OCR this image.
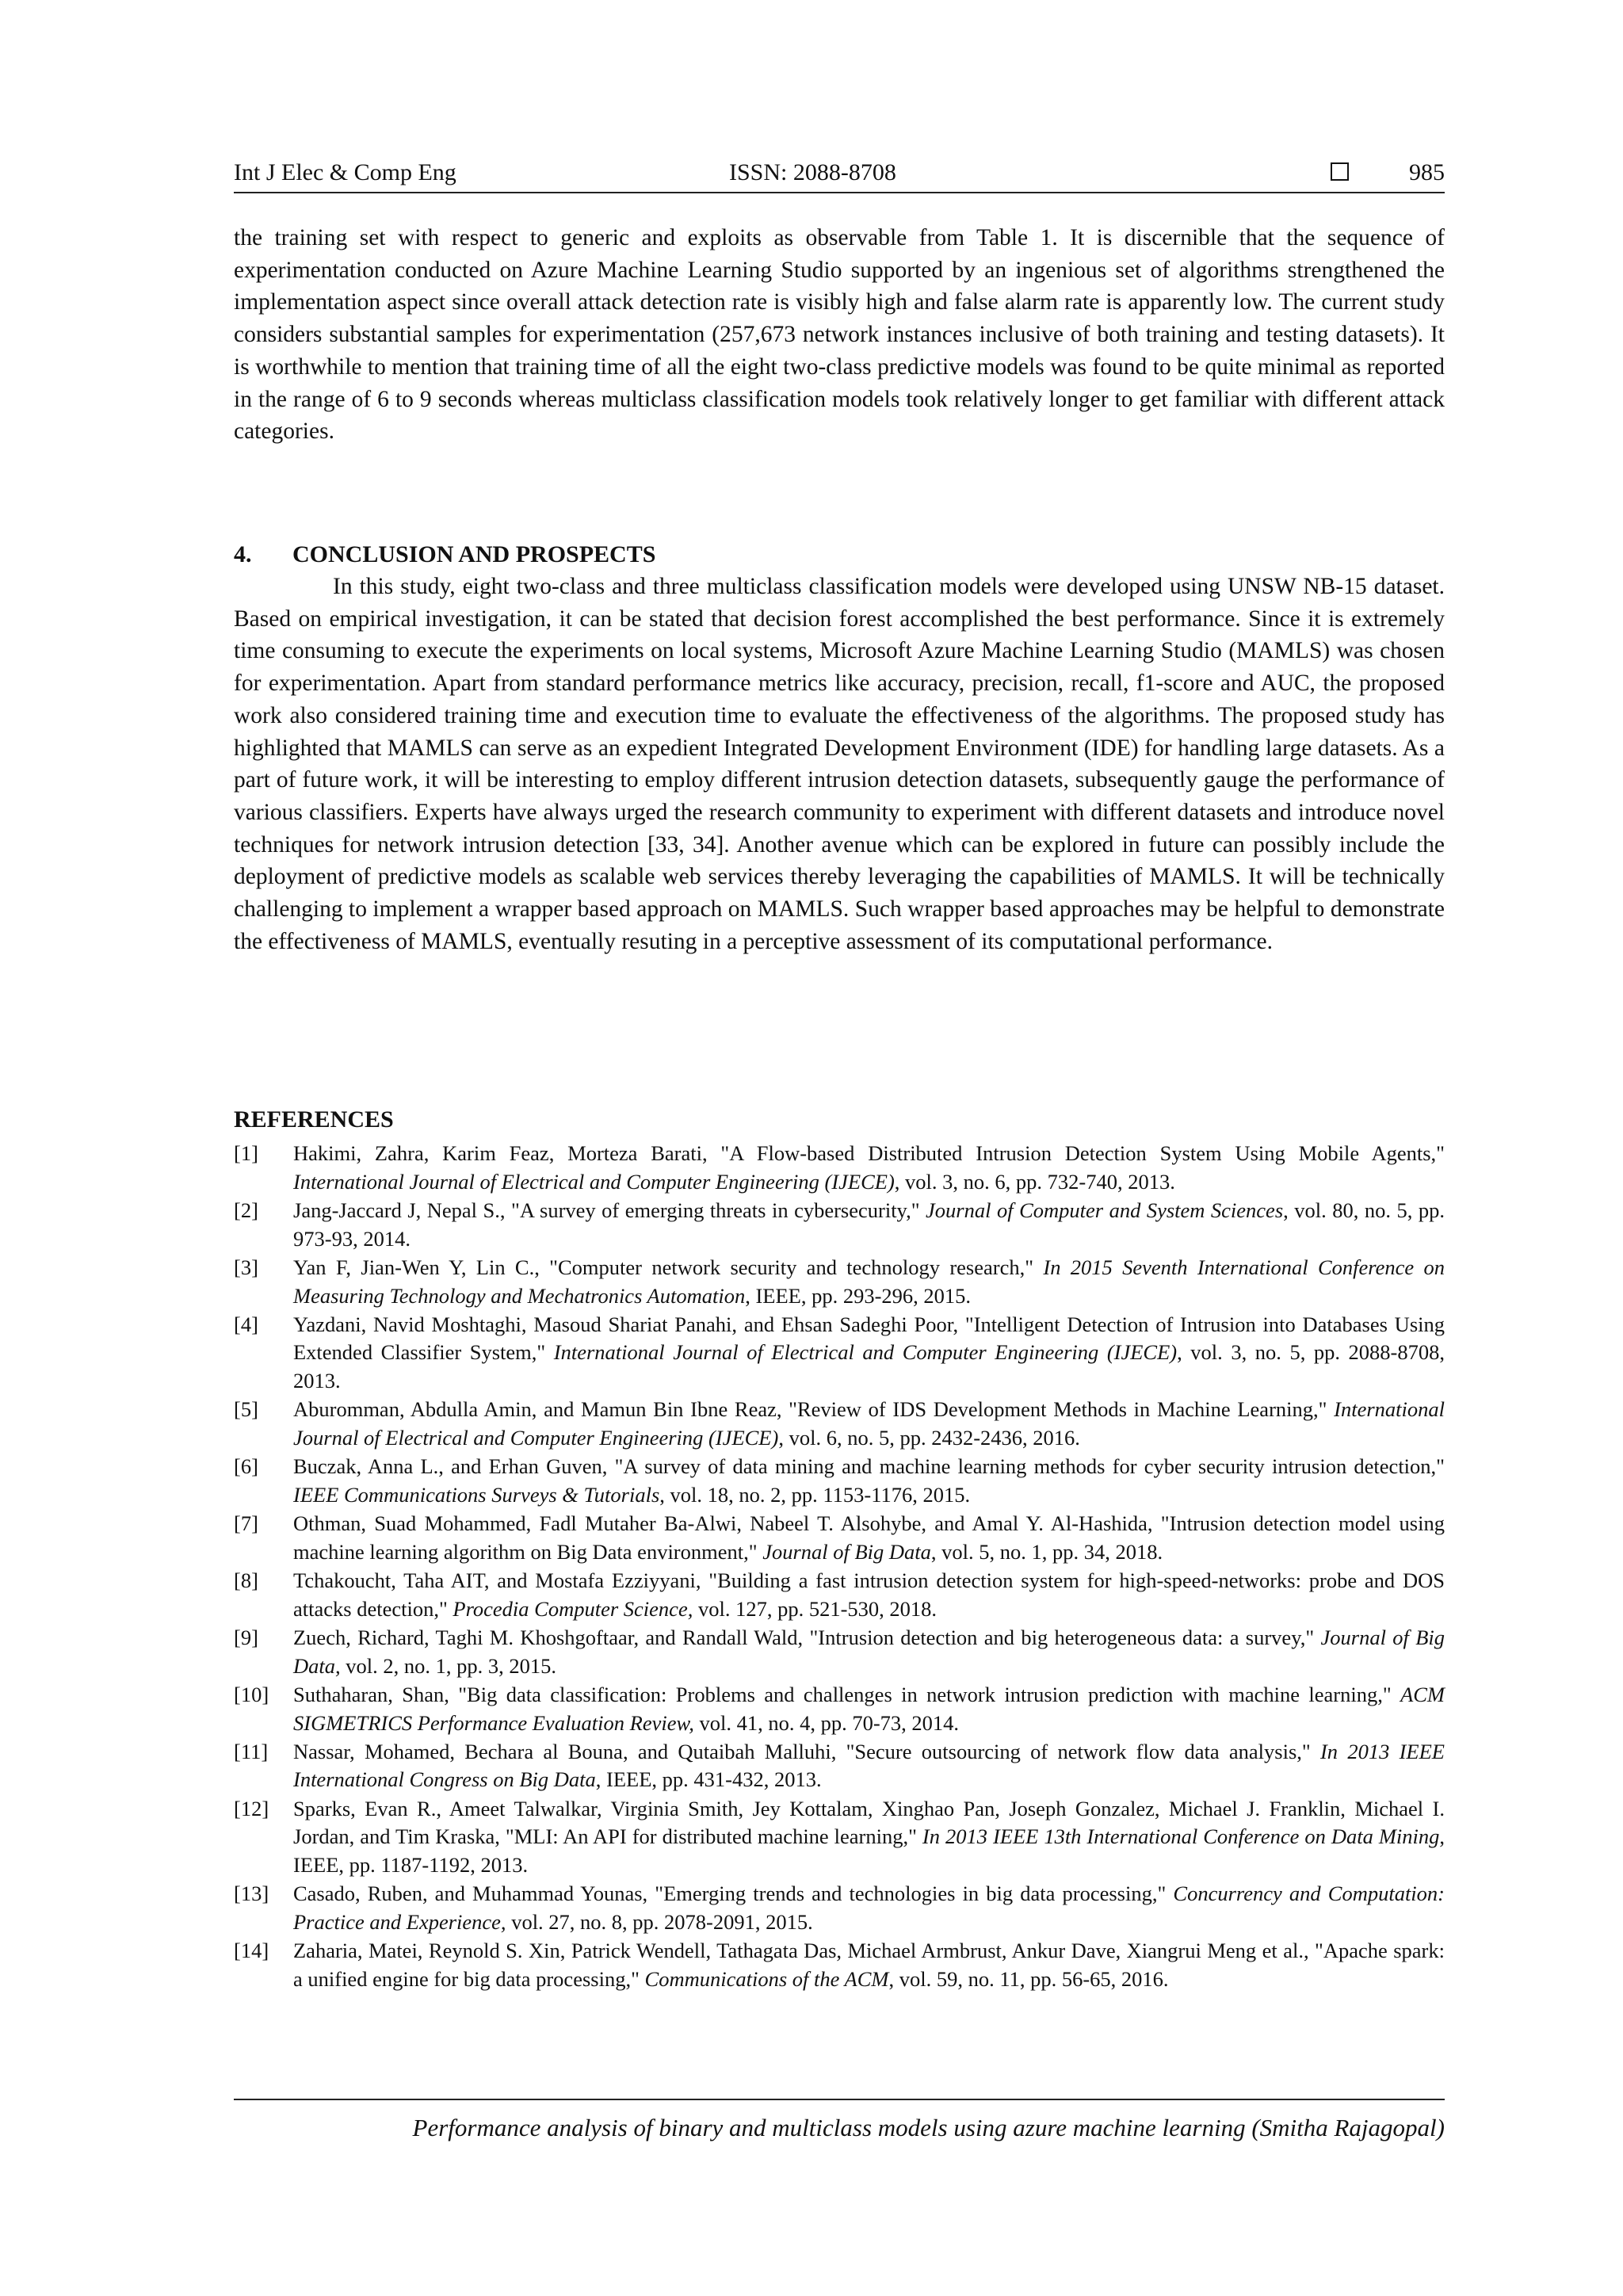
Int J Elec & Comp Eng	ISSN: 2088-8708	985

the training set with respect to generic and exploits as observable from Table 1. It is discernible that the sequence of experimentation conducted on Azure Machine Learning Studio supported by an ingenious set of algorithms strengthened the implementation aspect since overall attack detection rate is visibly high and false alarm rate is apparently low. The current study considers substantial samples for experimentation (257,673 network instances inclusive of both training and testing datasets). It is worthwhile to mention that training time of all the eight two-class predictive models was found to be quite minimal as reported in the range of 6 to 9 seconds whereas multiclass classification models took relatively longer to get familiar with different attack categories.

4. CONCLUSION AND PROSPECTS

In this study, eight two-class and three multiclass classification models were developed using UNSW NB-15 dataset. Based on empirical investigation, it can be stated that decision forest accomplished the best performance. Since it is extremely time consuming to execute the experiments on local systems, Microsoft Azure Machine Learning Studio (MAMLS) was chosen for experimentation. Apart from standard performance metrics like accuracy, precision, recall, f1-score and AUC, the proposed work also considered training time and execution time to evaluate the effectiveness of the algorithms. The proposed study has highlighted that MAMLS can serve as an expedient Integrated Development Environment (IDE) for handling large datasets. As a part of future work, it will be interesting to employ different intrusion detection datasets, subsequently gauge the performance of various classifiers. Experts have always urged the research community to experiment with different datasets and introduce novel techniques for network intrusion detection [33, 34]. Another avenue which can be explored in future can possibly include the deployment of predictive models as scalable web services thereby leveraging the capabilities of MAMLS. It will be technically challenging to implement a wrapper based approach on MAMLS. Such wrapper based approaches may be helpful to demonstrate the effectiveness of MAMLS, eventually resuting in a perceptive assessment of its computational performance.

REFERENCES
[1] Hakimi, Zahra, Karim Feaz, Morteza Barati, "A Flow-based Distributed Intrusion Detection System Using Mobile Agents," International Journal of Electrical and Computer Engineering (IJECE), vol. 3, no. 6, pp. 732-740, 2013.
[2] Jang-Jaccard J, Nepal S., "A survey of emerging threats in cybersecurity," Journal of Computer and System Sciences, vol. 80, no. 5, pp. 973-93, 2014.
[3] Yan F, Jian-Wen Y, Lin C., "Computer network security and technology research," In 2015 Seventh International Conference on Measuring Technology and Mechatronics Automation, IEEE, pp. 293-296, 2015.
[4] Yazdani, Navid Moshtaghi, Masoud Shariat Panahi, and Ehsan Sadeghi Poor, "Intelligent Detection of Intrusion into Databases Using Extended Classifier System," International Journal of Electrical and Computer Engineering (IJECE), vol. 3, no. 5, pp. 2088-8708, 2013.
[5] Aburomman, Abdulla Amin, and Mamun Bin Ibne Reaz, "Review of IDS Development Methods in Machine Learning," International Journal of Electrical and Computer Engineering (IJECE), vol. 6, no. 5, pp. 2432-2436, 2016.
[6] Buczak, Anna L., and Erhan Guven, "A survey of data mining and machine learning methods for cyber security intrusion detection," IEEE Communications Surveys & Tutorials, vol. 18, no. 2, pp. 1153-1176, 2015.
[7] Othman, Suad Mohammed, Fadl Mutaher Ba-Alwi, Nabeel T. Alsohybe, and Amal Y. Al-Hashida, "Intrusion detection model using machine learning algorithm on Big Data environment," Journal of Big Data, vol. 5, no. 1, pp. 34, 2018.
[8] Tchakoucht, Taha AIT, and Mostafa Ezziyyani, "Building a fast intrusion detection system for high-speed-networks: probe and DOS attacks detection," Procedia Computer Science, vol. 127, pp. 521-530, 2018.
[9] Zuech, Richard, Taghi M. Khoshgoftaar, and Randall Wald, "Intrusion detection and big heterogeneous data: a survey," Journal of Big Data, vol. 2, no. 1, pp. 3, 2015.
[10] Suthaharan, Shan, "Big data classification: Problems and challenges in network intrusion prediction with machine learning," ACM SIGMETRICS Performance Evaluation Review, vol. 41, no. 4, pp. 70-73, 2014.
[11] Nassar, Mohamed, Bechara al Bouna, and Qutaibah Malluhi, "Secure outsourcing of network flow data analysis," In 2013 IEEE International Congress on Big Data, IEEE, pp. 431-432, 2013.
[12] Sparks, Evan R., Ameet Talwalkar, Virginia Smith, Jey Kottalam, Xinghao Pan, Joseph Gonzalez, Michael J. Franklin, Michael I. Jordan, and Tim Kraska, "MLI: An API for distributed machine learning," In 2013 IEEE 13th International Conference on Data Mining, IEEE, pp. 1187-1192, 2013.
[13] Casado, Ruben, and Muhammad Younas, "Emerging trends and technologies in big data processing," Concurrency and Computation: Practice and Experience, vol. 27, no. 8, pp. 2078-2091, 2015.
[14] Zaharia, Matei, Reynold S. Xin, Patrick Wendell, Tathagata Das, Michael Armbrust, Ankur Dave, Xiangrui Meng et al., "Apache spark: a unified engine for big data processing," Communications of the ACM, vol. 59, no. 11, pp. 56-65, 2016.
Performance analysis of binary and multiclass models using azure machine learning (Smitha Rajagopal)
